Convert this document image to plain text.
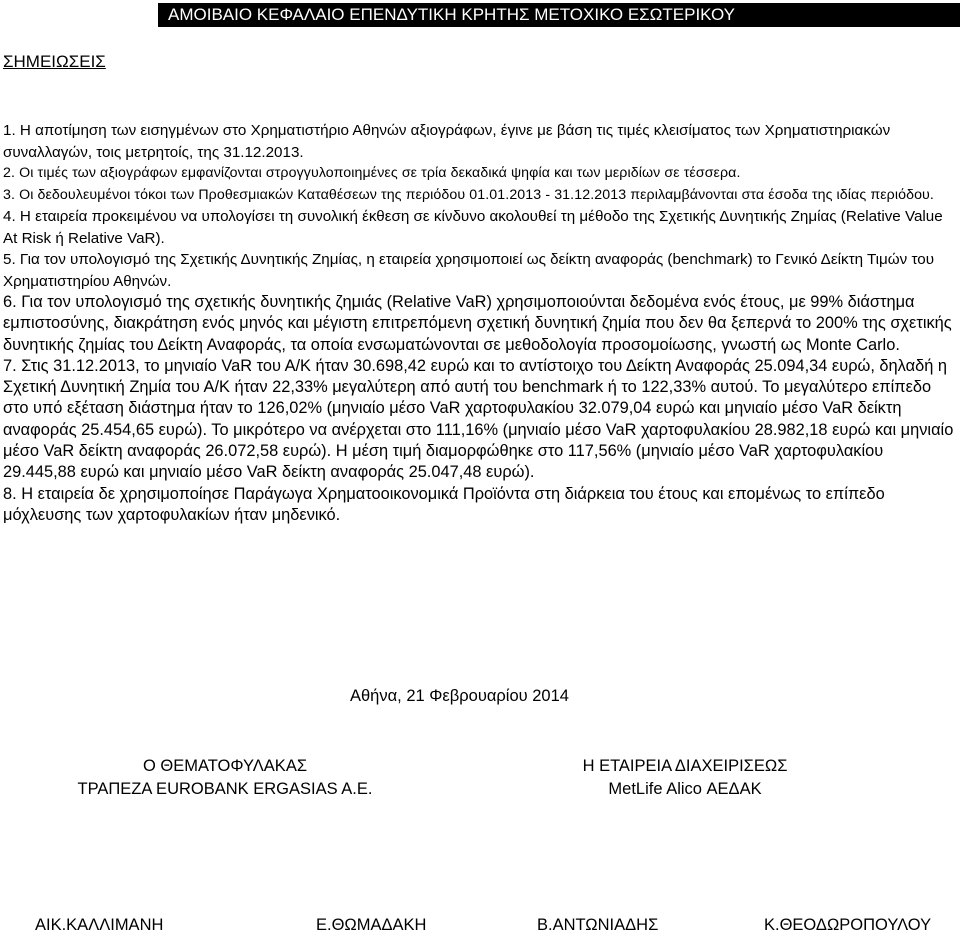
ΑΜΟΙΒΑΙΟ ΚΕΦΑΛΑΙΟ ΕΠΕΝΔΥΤΙΚΗ ΚΡΗΤΗΣ ΜΕΤΟΧΙΚΟ ΕΣΩΤΕΡΙΚΟΥ
ΣΗΜΕΙΩΣΕΙΣ

1. Η αποτίμηση των εισηγμένων στο Χρηματιστήριο Αθηνών αξιογράφων, έγινε με βάση τις τιμές κλεισίματος των Χρηματιστηριακών συναλλαγών, τοις μετρητοίς, της 31.12.2013.

2. Οι τιμές των αξιογράφων εμφανίζονται στρογγυλοποιημένες σε τρία δεκαδικά ψηφία και των μεριδίων σε τέσσερα.

3. Οι δεδουλευμένοι τόκοι των Προθεσμιακών Καταθέσεων της περιόδου 01.01.2013 - 31.12.2013 περιλαμβάνονται στα έσοδα της ιδίας περιόδου.

4. Η εταιρεία προκειμένου να υπολογίσει τη συνολική έκθεση σε κίνδυνο ακολουθεί τη μέθοδο της Σχετικής Δυνητικής Ζημίας (Relative Value At Risk ή Relative VaR).

5. Για τον υπολογισμό της Σχετικής Δυνητικής Ζημίας, η εταιρεία χρησιμοποιεί ως δείκτη αναφοράς (benchmark) το Γενικό Δείκτη Τιμών του Χρηματιστηρίου Αθηνών.

6. Για τον υπολογισμό της σχετικής δυνητικής ζημιάς (Relative VaR) χρησιμοποιούνται δεδομένα ενός έτους, με 99% διάστημα εμπιστοσύνης, διακράτηση ενός μηνός και μέγιστη επιτρεπόμενη σχετική δυνητική ζημία που δεν θα ξεπερνά το 200% της σχετικής δυνητικής ζημίας του Δείκτη Αναφοράς, τα οποία ενσωματώνονται σε μεθοδολογία προσομοίωσης, γνωστή ως Monte Carlo.

7. Στις 31.12.2013, το μηνιαίο VaR του Α/Κ ήταν 30.698,42 ευρώ και το αντίστοιχο του Δείκτη Αναφοράς 25.094,34 ευρώ, δηλαδή η Σχετική Δυνητική Ζημία του Α/Κ ήταν 22,33% μεγαλύτερη από αυτή του benchmark ή το 122,33% αυτού. Το μεγαλύτερο επίπεδο στο υπό εξέταση διάστημα ήταν το 126,02% (μηνιαίο μέσο VaR χαρτοφυλακίου 32.079,04 ευρώ και μηνιαίο μέσο VaR δείκτη αναφοράς 25.454,65 ευρώ). Το μικρότερο να ανέρχεται στο 111,16% (μηνιαίο μέσο VaR χαρτοφυλακίου 28.982,18 ευρώ και μηνιαίο μέσο VaR δείκτη αναφοράς 26.072,58 ευρώ). Η μέση τιμή διαμορφώθηκε στο 117,56% (μηνιαίο μέσο VaR χαρτοφυλακίου 29.445,88 ευρώ και μηνιαίο μέσο VaR δείκτη αναφοράς 25.047,48 ευρώ).

8. Η εταιρεία δε χρησιμοποίησε Παράγωγα Χρηματοοικονομικά Προϊόντα στη διάρκεια του έτους και επομένως το επίπεδο μόχλευσης των χαρτοφυλακίων ήταν μηδενικό.

Αθήνα, 21 Φεβρουαρίου 2014
Ο ΘΕΜΑΤΟΦΥΛΑΚΑΣ
ΤΡΑΠΕΖΑ EUROBANK ERGASIAS A.E.
Η ΕΤΑΙΡΕΙΑ ΔΙΑΧΕΙΡΙΣΕΩΣ
MetLife Alico ΑΕΔΑΚ
ΑΙΚ.ΚΑΛΛΙΜΑΝΗ	Ε.ΘΩΜΑΔΑΚΗ	Β.ΑΝΤΩΝΙΑΔΗΣ	Κ.ΘΕΟΔΩΡΟΠΟΥΛΟΥ
